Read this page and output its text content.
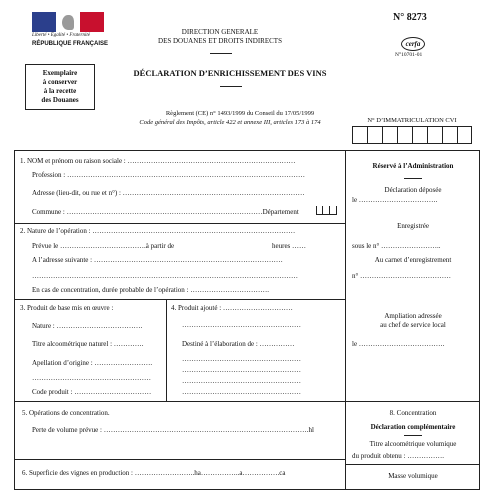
Liberté • Égalité • Fraternité
RÉPUBLIQUE FRANÇAISE
DIRECTION GENERALE
DES DOUANES ET DROITS INDIRECTS
N° 8273
cerfa
N°10701-01
Exemplaire
à conserver
à la recette
des Douanes
DÉCLARATION D’ENRICHISSEMENT DES VINS
Règlement (CE) n° 1493/1999 du Conseil du 17/05/1999
Code général des Impôts, article 422 et annexe III, articles 173 à 174	N° D’IMMATRICULATION CVI
1. NOM et prénom ou raison sociale : ………………………………………………………………
Profession : …………………………………………………………………………………………
Adresse (lieu-dit, ou rue et n°) : ……………………………………………………………………
Commune : …………………………………………………………………………Département
2. Nature de l’opération : ……………………………………………………………………………
Prévue le ……………………………….à partir de	heures ……
A l’adresse suivante : ………………………………………………………………………
……………………………………………………………………………………………………
En cas de concentration, durée probable de l’opération : …………………………….
3. Produit de base mis en œuvre :
Nature : ……………………………….
Titre alcoométrique naturel : ………….
Apellation d’origine : …………………….
……………………………………………
Code produit : ……………………………
4. Produit ajouté : …………………………
……………………………………………
Destiné à l’élaboration de : ……………
……………………………………………
……………………………………………
……………………………………………
……………………………………………
5. Opérations de concentration.
Perte de volume prévue : …………………………………………………………………………….hl
6. Superficie des vignes en production : ……………………..ha……………..a…………….ca
Réservé à l’Administration
Déclaration déposée
le …………………………….
Enregistrée
sous le n° ……………………..
Au carnet d’enregistrement
n° …………………………………
Ampliation adressée
au chef de service local
le ……………………………….
8. Concentration
Déclaration complémentaire
Titre alcoométrique volumique
du produit obtenu : …………….
Masse volumique
